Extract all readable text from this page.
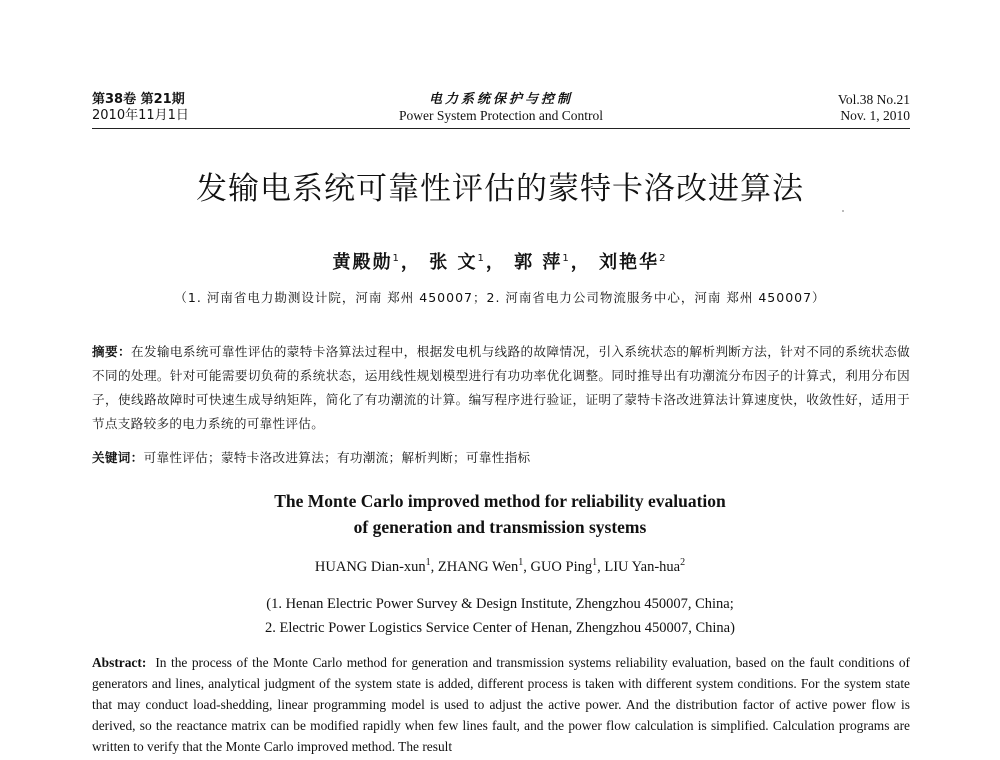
第38卷 第21期
2010年11月1日
电力系统保护与控制
Power System Protection and Control
Vol.38 No.21
Nov. 1, 2010
发输电系统可靠性评估的蒙特卡洛改进算法
黄殿勋$^1$， 张 文$^1$， 郭 萍$^1$， 刘艳华$^2$
（1. 河南省电力勘测设计院，河南 郑州 450007；2. 河南省电力公司物流服务中心，河南 郑州 450007）
摘要：在发输电系统可靠性评估的蒙特卡洛算法过程中，根据发电机与线路的故障情况，引入系统状态的解析判断方法，针对不同的系统状态做不同的处理。针对可能需要切负荷的系统状态，运用线性规划模型进行有功功率优化调整。同时推导出有功潮流分布因子的计算式，利用分布因子，使线路故障时可快速生成导纳矩阵，简化了有功潮流的计算。编写程序进行验证，证明了蒙特卡洛改进算法计算速度快，收敛性好，适用于节点支路较多的电力系统的可靠性评估。
关键词：可靠性评估；蒙特卡洛改进算法；有功潮流；解析判断；可靠性指标
The Monte Carlo improved method for reliability evaluation
of generation and transmission systems
HUANG Dian-xun$^1$, ZHANG Wen$^1$, GUO Ping$^1$, LIU Yan-hua$^2$
(1. Henan Electric Power Survey & Design Institute, Zhengzhou 450007, China;
2. Electric Power Logistics Service Center of Henan, Zhengzhou 450007, China)
Abstract: In the process of the Monte Carlo method for generation and transmission systems reliability evaluation, based on the fault conditions of generators and lines, analytical judgment of the system state is added, different process is taken with different system conditions. For the system state that may conduct load-shedding, linear programming model is used to adjust the active power. And the distribution factor of active power flow is derived, so the reactance matrix can be modified rapidly when few lines fault, and the power flow calculation is simplified. Calculation programs are written to verify that the Monte Carlo improved method. The result
